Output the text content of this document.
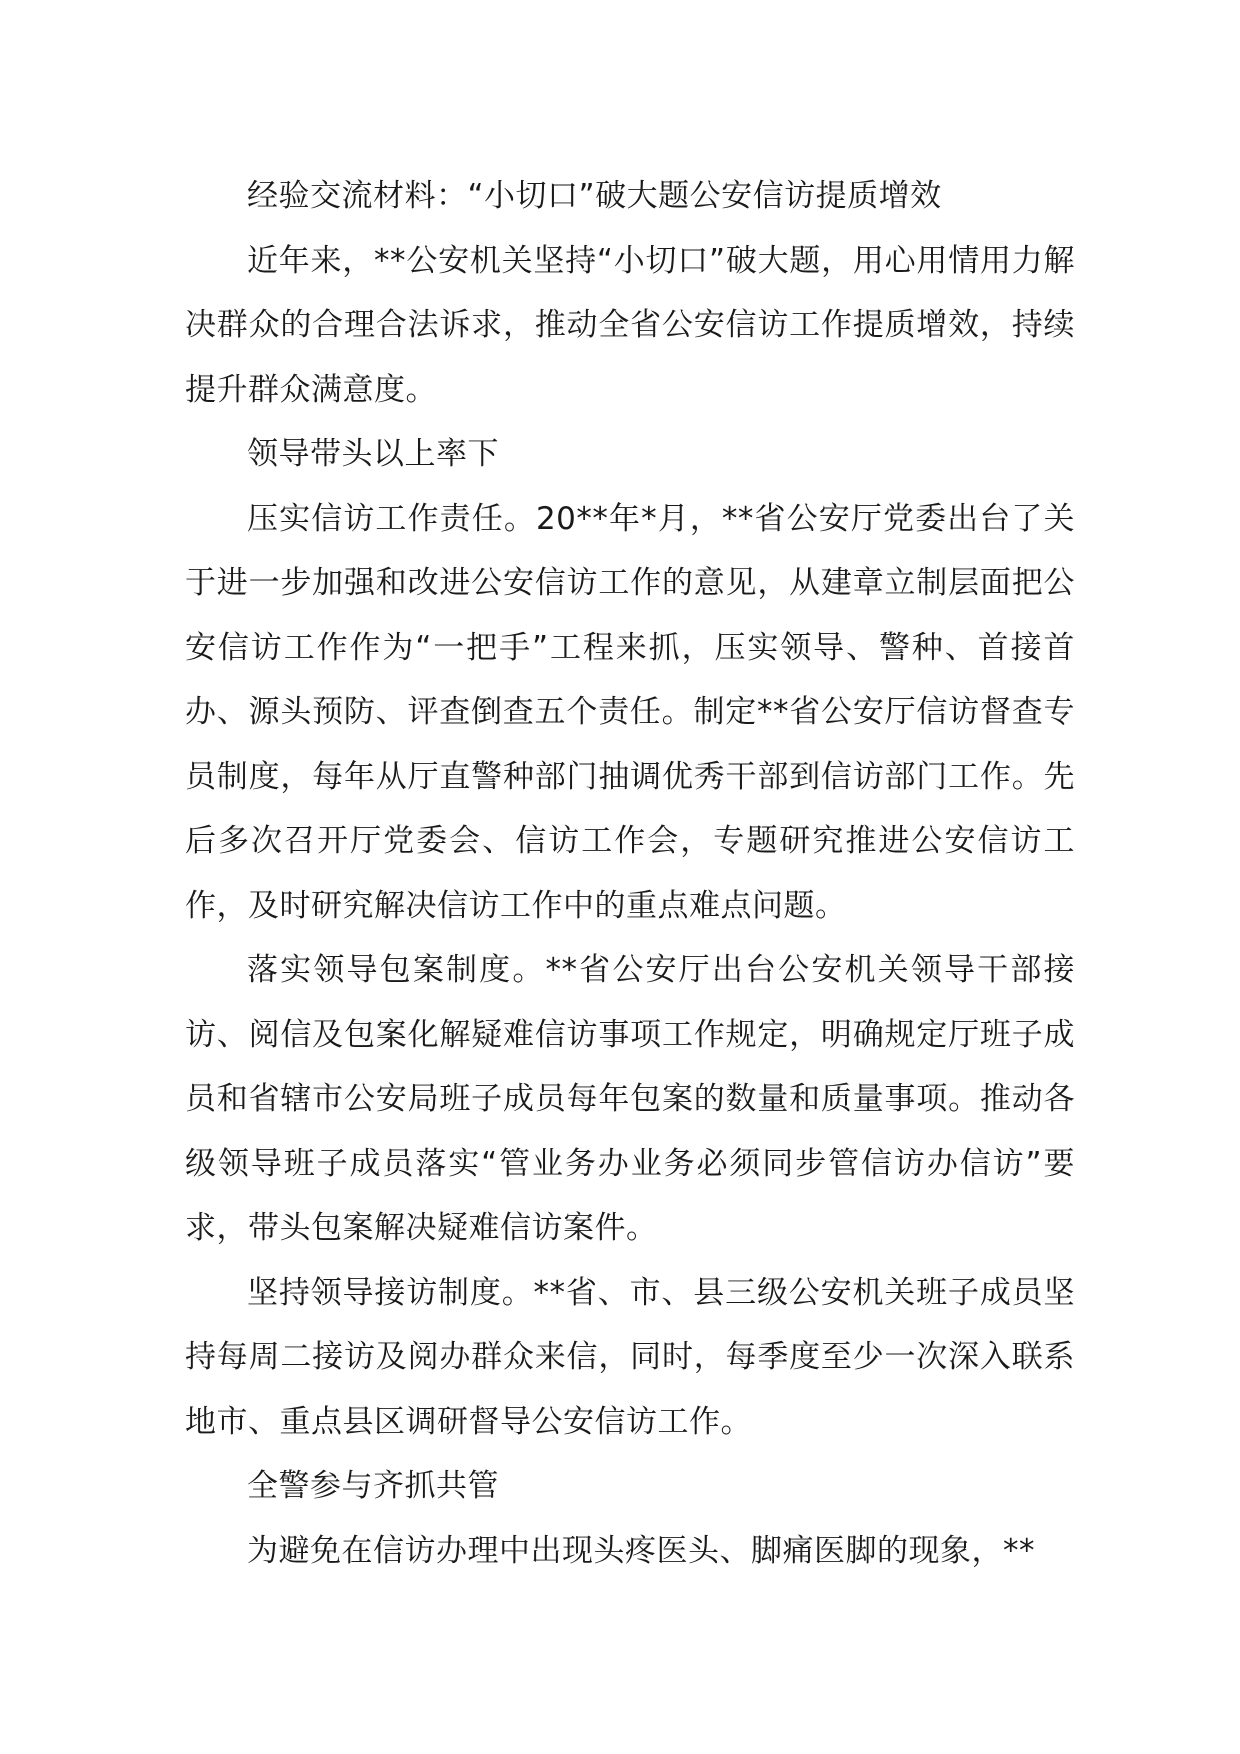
经验交流材料：“小切口”破大题公安信访提质增效

近年来，**公安机关坚持“小切口”破大题，用心用情用力解决群众的合理合法诉求，推动全省公安信访工作提质增效，持续提升群众满意度。

领导带头以上率下

压实信访工作责任。20**年*月，**省公安厅党委出台了关于进一步加强和改进公安信访工作的意见，从建章立制层面把公安信访工作作为“一把手”工程来抓，压实领导、警种、首接首办、源头预防、评查倒查五个责任。制定**省公安厅信访督查专员制度，每年从厅直警种部门抽调优秀干部到信访部门工作。先后多次召开厅党委会、信访工作会，专题研究推进公安信访工作，及时研究解决信访工作中的重点难点问题。

落实领导包案制度。**省公安厅出台公安机关领导干部接访、阅信及包案化解疑难信访事项工作规定，明确规定厅班子成员和省辖市公安局班子成员每年包案的数量和质量事项。推动各级领导班子成员落实“管业务办业务必须同步管信访办信访”要求，带头包案解决疑难信访案件。

坚持领导接访制度。**省、市、县三级公安机关班子成员坚持每周二接访及阅办群众来信，同时，每季度至少一次深入联系地市、重点县区调研督导公安信访工作。

全警参与齐抓共管

为避免在信访办理中出现头疼医头、脚痛医脚的现象，**
